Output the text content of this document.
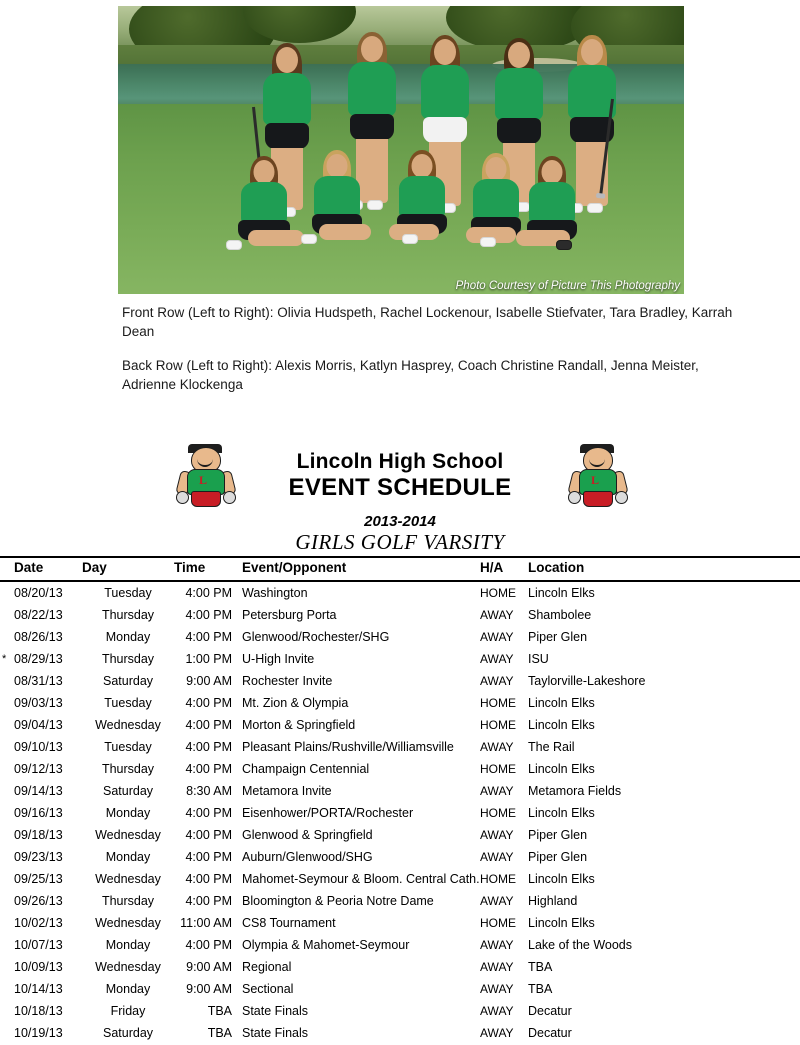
Photo Courtesy of Picture This Photography
Front Row (Left to Right): Olivia Hudspeth, Rachel Lockenour, Isabelle Stiefvater, Tara Bradley, Karrah Dean
Back Row (Left to Right): Alexis Morris, Katlyn Hasprey, Coach Christine Randall, Jenna Meister, Adrienne Klockenga
L	L
Lincoln High School
EVENT SCHEDULE
2013-2014
GIRLS GOLF VARSITY
	Date	Day	Time	Event/Opponent	H/A	Location
	08/20/13	Tuesday	4:00 PM	Washington	HOME	Lincoln Elks
	08/22/13	Thursday	4:00 PM	Petersburg Porta	AWAY	Shambolee
	08/26/13	Monday	4:00 PM	Glenwood/Rochester/SHG	AWAY	Piper Glen
*	08/29/13	Thursday	1:00 PM	U-High Invite	AWAY	ISU
	08/31/13	Saturday	9:00 AM	Rochester Invite	AWAY	Taylorville-Lakeshore
	09/03/13	Tuesday	4:00 PM	Mt. Zion & Olympia	HOME	Lincoln Elks
	09/04/13	Wednesday	4:00 PM	Morton & Springfield	HOME	Lincoln Elks
	09/10/13	Tuesday	4:00 PM	Pleasant Plains/Rushville/Williamsville	AWAY	The Rail
	09/12/13	Thursday	4:00 PM	Champaign Centennial	HOME	Lincoln Elks
	09/14/13	Saturday	8:30 AM	Metamora Invite	AWAY	Metamora Fields
	09/16/13	Monday	4:00 PM	Eisenhower/PORTA/Rochester	HOME	Lincoln Elks
	09/18/13	Wednesday	4:00 PM	Glenwood & Springfield	AWAY	Piper Glen
	09/23/13	Monday	4:00 PM	Auburn/Glenwood/SHG	AWAY	Piper Glen
	09/25/13	Wednesday	4:00 PM	Mahomet-Seymour & Bloom. Central Cath.	HOME	Lincoln Elks
	09/26/13	Thursday	4:00 PM	Bloomington & Peoria Notre Dame	AWAY	Highland
	10/02/13	Wednesday	11:00 AM	CS8 Tournament	HOME	Lincoln Elks
	10/07/13	Monday	4:00 PM	Olympia & Mahomet-Seymour	AWAY	Lake of the Woods
	10/09/13	Wednesday	9:00 AM	Regional	AWAY	TBA
	10/14/13	Monday	9:00 AM	Sectional	AWAY	TBA
	10/18/13	Friday	TBA	State Finals	AWAY	Decatur
	10/19/13	Saturday	TBA	State Finals	AWAY	Decatur
